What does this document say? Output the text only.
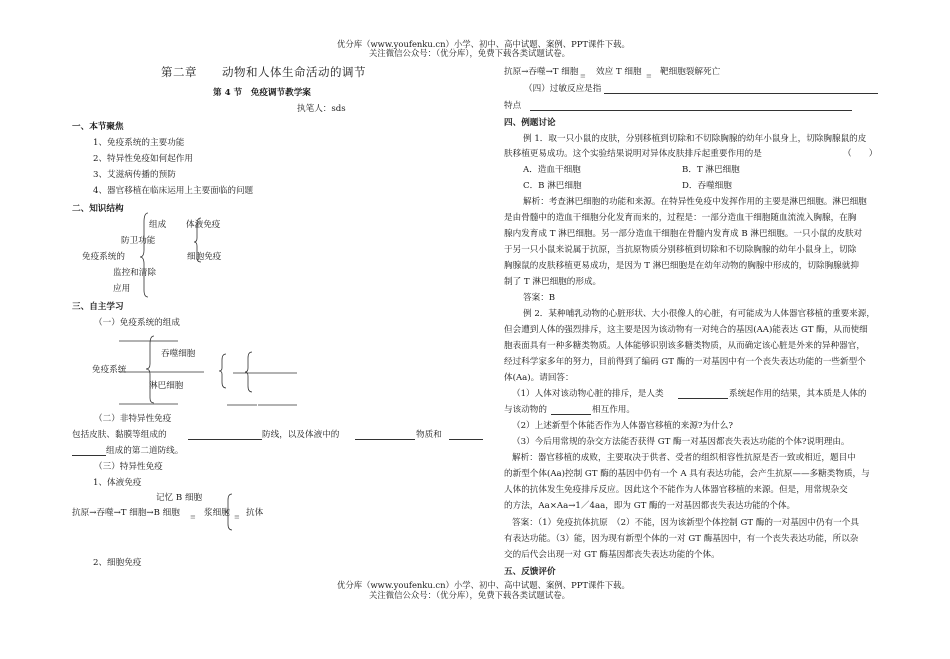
优分库（www.youfenku.cn）小学、初中、高中试题、案例、PPT课件下载。
关注微信公众号：（优分库），免费下载各类试题试卷。
第二章 动物和人体生命活动的调节
第 4 节　免疫调节教学案
执笔人：sds
一、本节聚焦
1、免疫系统的主要功能
2、特异性免疫如何起作用
3、艾滋病传播的预防
4、器官移植在临床运用上主要面临的问题
二、知识结构
组成 体液免疫
防卫功能
细胞免疫
免疫系统的
监控和清除
应用
三、自主学习
（一）免疫系统的组成
吞噬细胞
免疫系统
淋巴细胞
（二）非特异性免疫
包括皮肤、黏膜等组成的	防线，以及体液中的	物质和
组成的第二道防线。
（三）特异性免疫
1、体液免疫
记忆 B 细胞
抗原→吞噬→T 细胞→B 细胞 ≡ 浆细胞 ≡ 抗体
2、细胞免疫
抗原→吞噬→T 细胞 ≡ 效应 T 细胞 ≡ 靶细胞裂解死亡
（四）过敏反应是指
特点
四、例题讨论
例 1．取一只小鼠的皮肤，分别移植到切除和不切除胸腺的幼年小鼠身上，切除胸腺鼠的皮
肤移植更易成功。这个实验结果说明对异体皮肤排斥起重要作用的是	（　　）
A．造血干细胞	B．T 淋巴细胞
C．B 淋巴细胞	D．吞噬细胞
解析：考查淋巴细胞的功能和来源。在特异性免疫中发挥作用的主要是淋巴细胞。淋巴细胞
是由骨髓中的造血干细胞分化发育而来的，过程是：一部分造血干细胞随血流流入胸腺，在胸
腺内发育成 T 淋巴细胞。另一部分造血干细胞在骨髓内发育成 B 淋巴细胞。一只小鼠的皮肤对
于另一只小鼠来说属于抗原，当抗原物质分别移植到切除和不切除胸腺的幼年小鼠身上，切除
胸腺鼠的皮肤移植更易成功，是因为 T 淋巴细胞是在幼年动物的胸腺中形成的，切除胸腺就抑
制了 T 淋巴细胞的形成。
答案：B
例 2．某种哺乳动物的心脏形状、大小很像人的心脏，有可能成为人体器官移植的重要来源，
但会遭到人体的强烈排斥，这主要是因为该动物有一对纯合的基因(AA)能表达 GT 酶，从而使细
胞表面具有一种多糖类物质。人体能够识别该多糖类物质，从而确定该心脏是外来的异种器官，
经过科学家多年的努力，目前得到了编码 GT 酶的一对基因中有一个丧失表达功能的一些新型个
体(Aa)。请回答：
（1）人体对该动物心脏的排斥，是人类	系统起作用的结果，其本质是人体的
与该动物的	相互作用。
（2）上述新型个体能否作为人体器官移植的来源?为什么?
（3）今后用常规的杂交方法能否获得 GT 酶一对基因都丧失表达功能的个体?说明理由。
解析：器官移植的成败，主要取决于供者、受者的组织相容性抗原是否一致或相近，题目中
的新型个体(Aa)控制 GT 酶的基因中仍有一个 A 具有表达功能，会产生抗原——多糖类物质，与
人体的抗体发生免疫排斥反应。因此这个不能作为人体器官移植的来源。但是，用常规杂交
的方法，Aa×Aa→1／4aa，即为 GT 酶的一对基因都丧失表达功能的个体。
答案：（1）免疫抗体抗原　（2）不能，因为该新型个体控制 GT 酶的一对基因中仍有一个具
有表达功能。（3）能，因为现有新型个体的一对 GT 酶基因中，有一个丧失表达功能，所以杂
交的后代会出现一对 GT 酶基因都丧失表达功能的个体。
五、反馈评价
优分库（www.youfenku.cn）小学、初中、高中试题、案例、PPT课件下载。
关注微信公众号：（优分库），免费下载各类试题试卷。
